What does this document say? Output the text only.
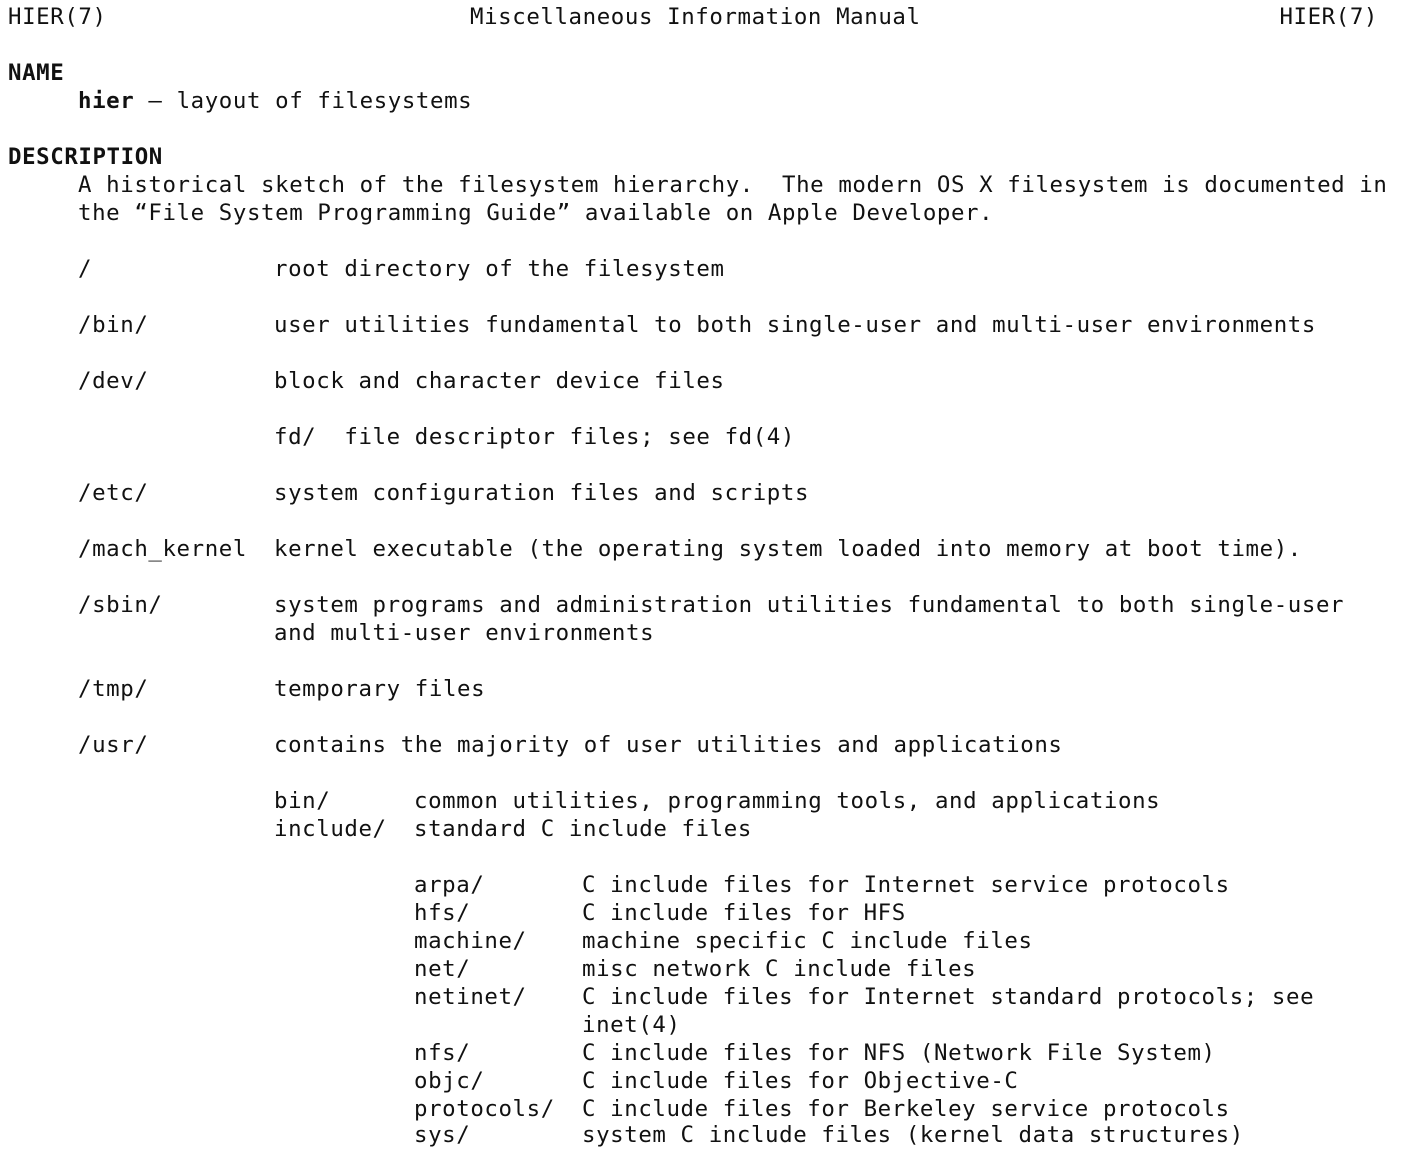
HIER(7)	Miscellaneous Information Manual	HIER(7)
NAME
hier — layout of filesystems
DESCRIPTION
A historical sketch of the filesystem hierarchy.  The modern OS X filesystem is documented in
the “File System Programming Guide” available on Apple Developer.
/	root directory of the filesystem
/bin/	user utilities fundamental to both single-user and multi-user environments
/dev/	block and character device files
fd/  file descriptor files; see fd(4)
/etc/	system configuration files and scripts
/mach_kernel kernel executable (the operating system loaded into memory at boot time).
/sbin/	system programs and administration utilities fundamental to both single-user
and multi-user environments
/tmp/	temporary files
/usr/	contains the majority of user utilities and applications
bin/	common utilities, programming tools, and applications
include/ standard C include files
arpa/	C include files for Internet service protocols
hfs/	C include files for HFS
machine/ machine specific C include files
net/	misc network C include files
netinet/ C include files for Internet standard protocols; see
inet(4)
nfs/	C include files for NFS (Network File System)
objc/	C include files for Objective-C
protocols/ C include files for Berkeley service protocols
sys/	system C include files (kernel data structures)
